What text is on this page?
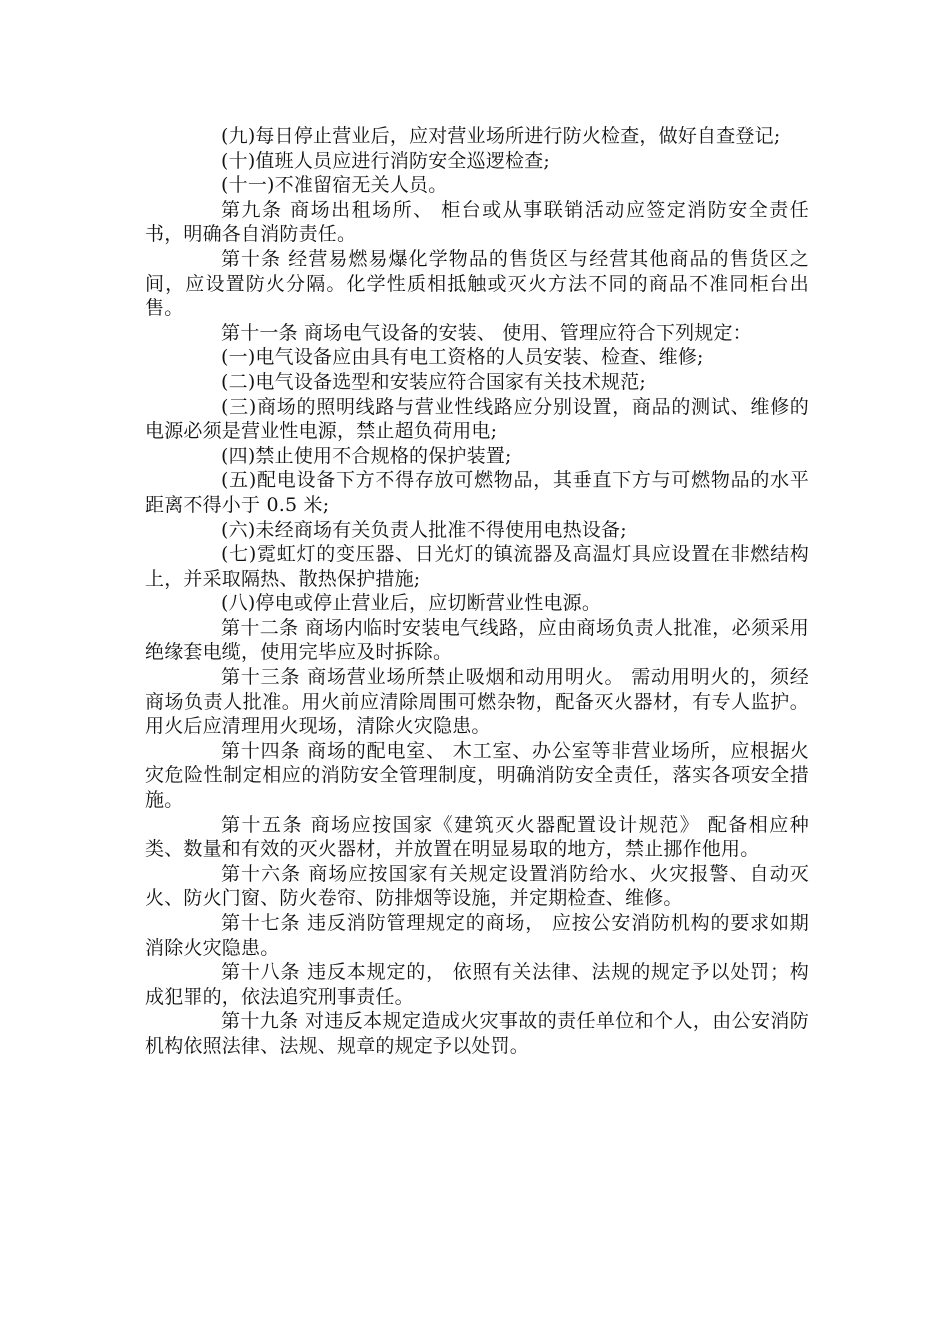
(九)每日停止营业后，应对营业场所进行防火检查，做好自查登记;

(十)值班人员应进行消防安全巡逻检查;

(十一)不准留宿无关人员。

第九条 商场出租场所、 柜台或从事联销活动应签定消防安全责任书，明确各自消防责任。

第十条 经营易燃易爆化学物品的售货区与经营其他商品的售货区之间，应设置防火分隔。化学性质相抵触或灭火方法不同的商品不准同柜台出售。

第十一条 商场电气设备的安装、 使用、管理应符合下列规定：

(一)电气设备应由具有电工资格的人员安装、检查、维修;

(二)电气设备选型和安装应符合国家有关技术规范;

(三)商场的照明线路与营业性线路应分别设置，商品的测试、维修的电源必须是营业性电源，禁止超负荷用电;

(四)禁止使用不合规格的保护装置;

(五)配电设备下方不得存放可燃物品，其垂直下方与可燃物品的水平距离不得小于 0.5 米;

(六)未经商场有关负责人批准不得使用电热设备;

(七)霓虹灯的变压器、日光灯的镇流器及高温灯具应设置在非燃结构上，并采取隔热、散热保护措施;

(八)停电或停止营业后，应切断营业性电源。

第十二条 商场内临时安装电气线路，应由商场负责人批准，必须采用绝缘套电缆，使用完毕应及时拆除。

第十三条 商场营业场所禁止吸烟和动用明火。 需动用明火的，须经商场负责人批准。用火前应清除周围可燃杂物，配备灭火器材，有专人监护。用火后应清理用火现场，清除火灾隐患。

第十四条 商场的配电室、 木工室、办公室等非营业场所，应根据火灾危险性制定相应的消防安全管理制度，明确消防安全责任，落实各项安全措施。

第十五条 商场应按国家《建筑灭火器配置设计规范》 配备相应种类、数量和有效的灭火器材，并放置在明显易取的地方，禁止挪作他用。

第十六条 商场应按国家有关规定设置消防给水、火灾报警、自动灭火、防火门窗、防火卷帘、防排烟等设施，并定期检查、维修。

第十七条 违反消防管理规定的商场， 应按公安消防机构的要求如期消除火灾隐患。

第十八条 违反本规定的， 依照有关法律、法规的规定予以处罚；构成犯罪的，依法追究刑事责任。

第十九条 对违反本规定造成火灾事故的责任单位和个人，由公安消防机构依照法律、法规、规章的规定予以处罚。
